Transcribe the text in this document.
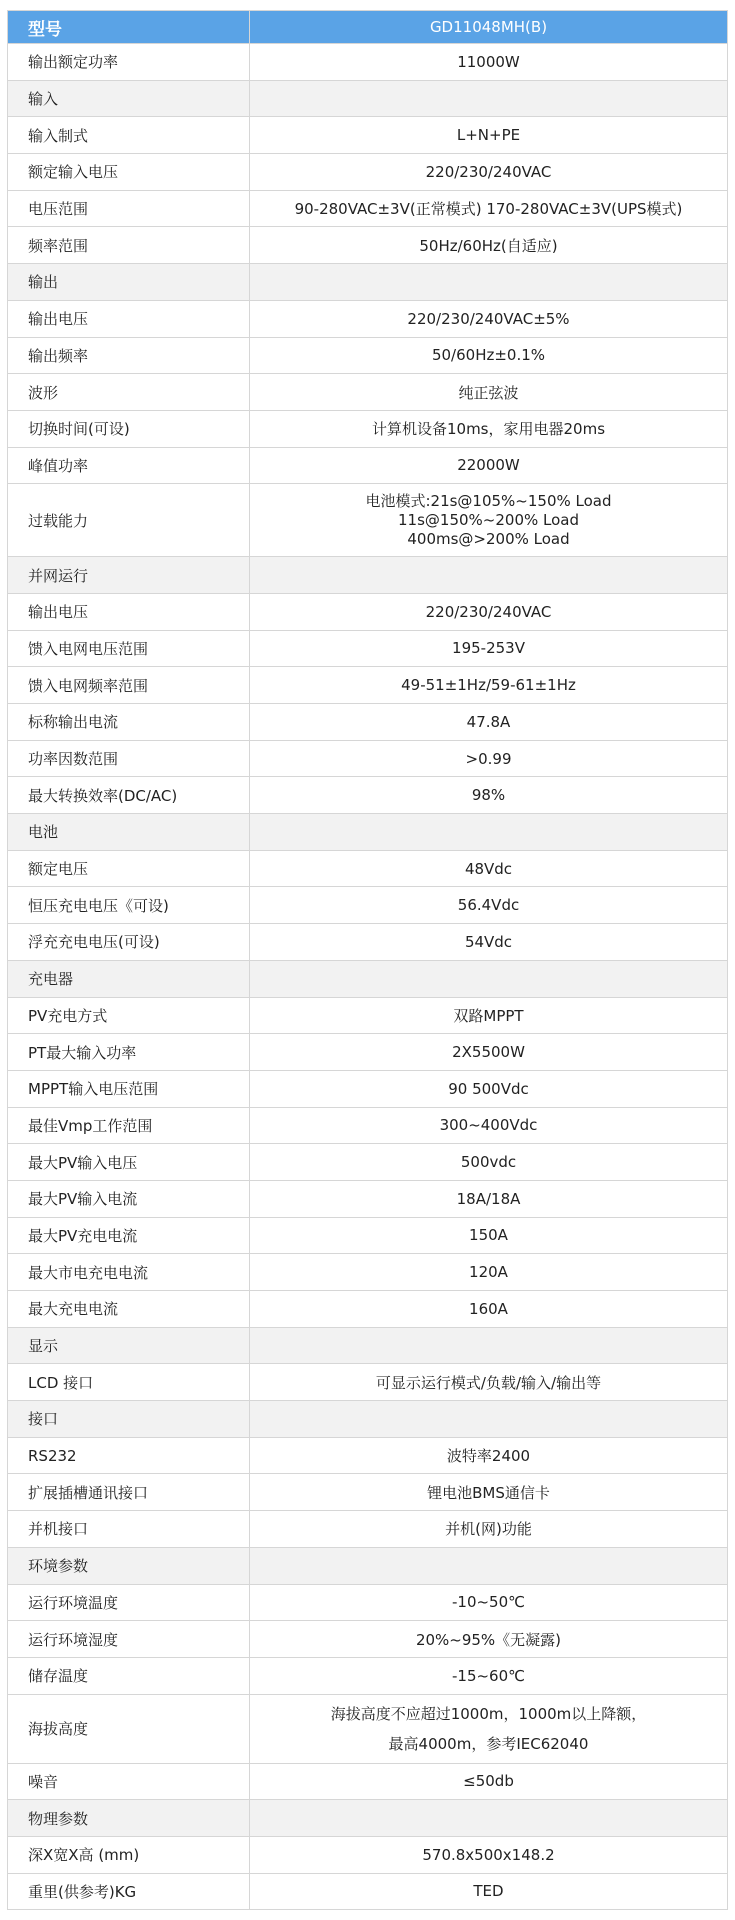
型号	GD11048MH(B)
输出额定功率	11000W
输入	
输入制式	L+N+PE
额定输入电压	220/230/240VAC
电压范围	90-280VAC±3V(正常模式) 170-280VAC±3V(UPS模式)
频率范围	50Hz/60Hz(自适应)
输出	
输出电压	220/230/240VAC±5%
输出频率	50/60Hz±0.1%
波形	纯正弦波
切换时间(可设)	计算机设备10ms，家用电器20ms
峰值功率	22000W
过载能力	电池模式:21s@105%~150% Load
11s@150%~200% Load
400ms@>200% Load

并网运行	
输出电压	220/230/240VAC
馈入电网电压范围	195-253V
馈入电网频率范围	49-51±1Hz/59-61±1Hz
标称输出电流	47.8A
功率因数范围	>0.99
最大转换效率(DC/AC)	98%
电池	
额定电压	48Vdc
恒压充电电压《可设)	56.4Vdc
浮充充电电压(可设)	54Vdc
充电器	
PV充电方式	双路MPPT
PT最大输入功率	2X5500W
MPPT输入电压范围	90 500Vdc
最佳Vmp工作范围	300~400Vdc
最大PV输入电压	500vdc
最大PV输入电流	18A/18A
最大PV充电电流	150A
最大市电充电电流	120A
最大充电电流	160A
显示	
LCD 接口	可显示运行模式/负载/输入/输出等
接口	
RS232	波特率2400
扩展插槽通讯接口	锂电池BMS通信卡
并机接口	并机(网)功能
环境参数	
运行环境温度	-10~50℃
运行环境湿度	20%~95%《无凝露)
储存温度	-15~60℃
海拔高度	海拔高度不应超过1000m，1000m以上降额，
最高4000m，参考IEC62040

噪音	≤50db
物理参数	
深X宽X高 (mm)	570.8x500x148.2
重里(供参考)KG	TED
